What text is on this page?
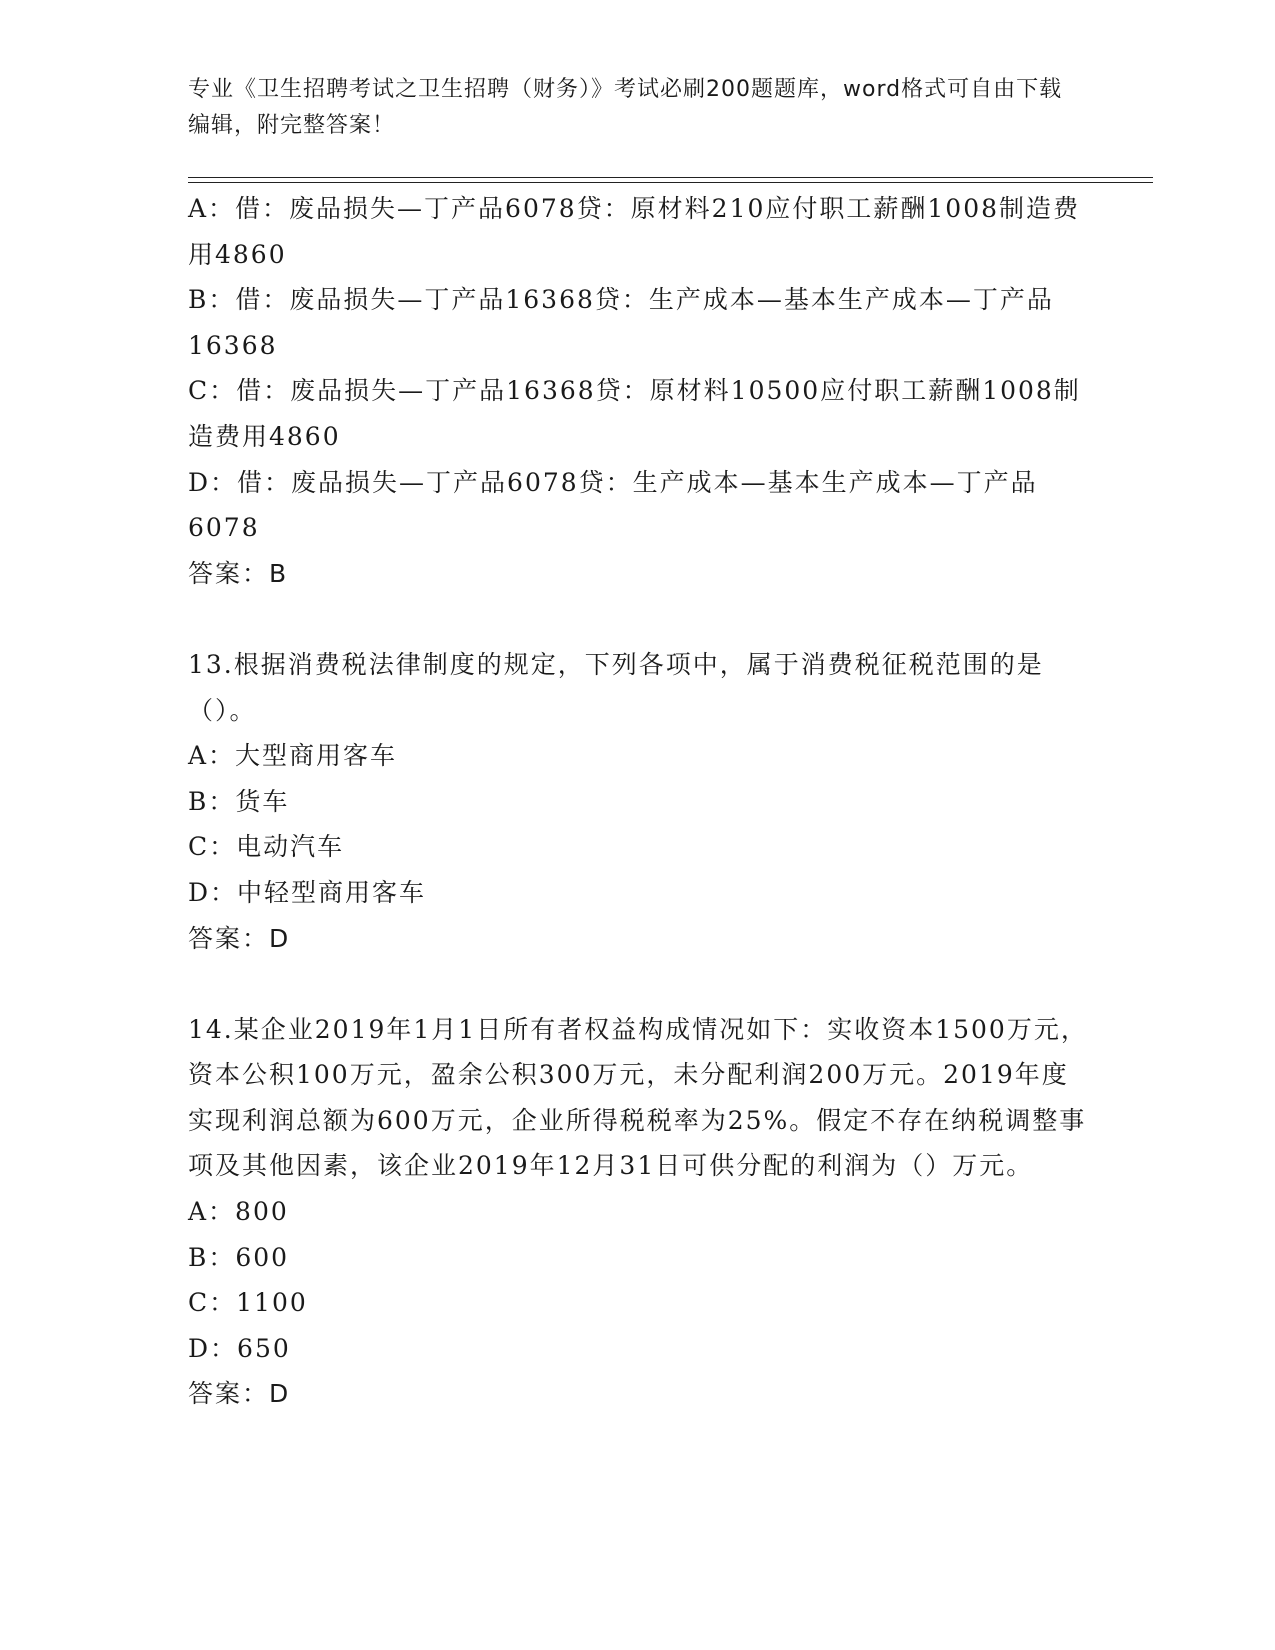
专业《卫生招聘考试之卫生招聘（财务）》考试必刷200题题库，word格式可自由下载编辑，附完整答案！

A：借：废品损失—丁产品6078贷：原材料210应付职工薪酬1008制造费用4860

B：借：废品损失—丁产品16368贷：生产成本—基本生产成本—丁产品16368

C：借：废品损失—丁产品16368贷：原材料10500应付职工薪酬1008制造费用4860

D：借：废品损失—丁产品6078贷：生产成本—基本生产成本—丁产品6078

答案：B

13.根据消费税法律制度的规定，下列各项中，属于消费税征税范围的是（）。

A：大型商用客车

B：货车

C：电动汽车

D：中轻型商用客车

答案：D

14.某企业2019年1月1日所有者权益构成情况如下：实收资本1500万元，资本公积100万元，盈余公积300万元，未分配利润200万元。2019年度实现利润总额为600万元，企业所得税税率为25%。假定不存在纳税调整事项及其他因素，该企业2019年12月31日可供分配的利润为（）万元。

A：800

B：600

C：1100

D：650

答案：D
